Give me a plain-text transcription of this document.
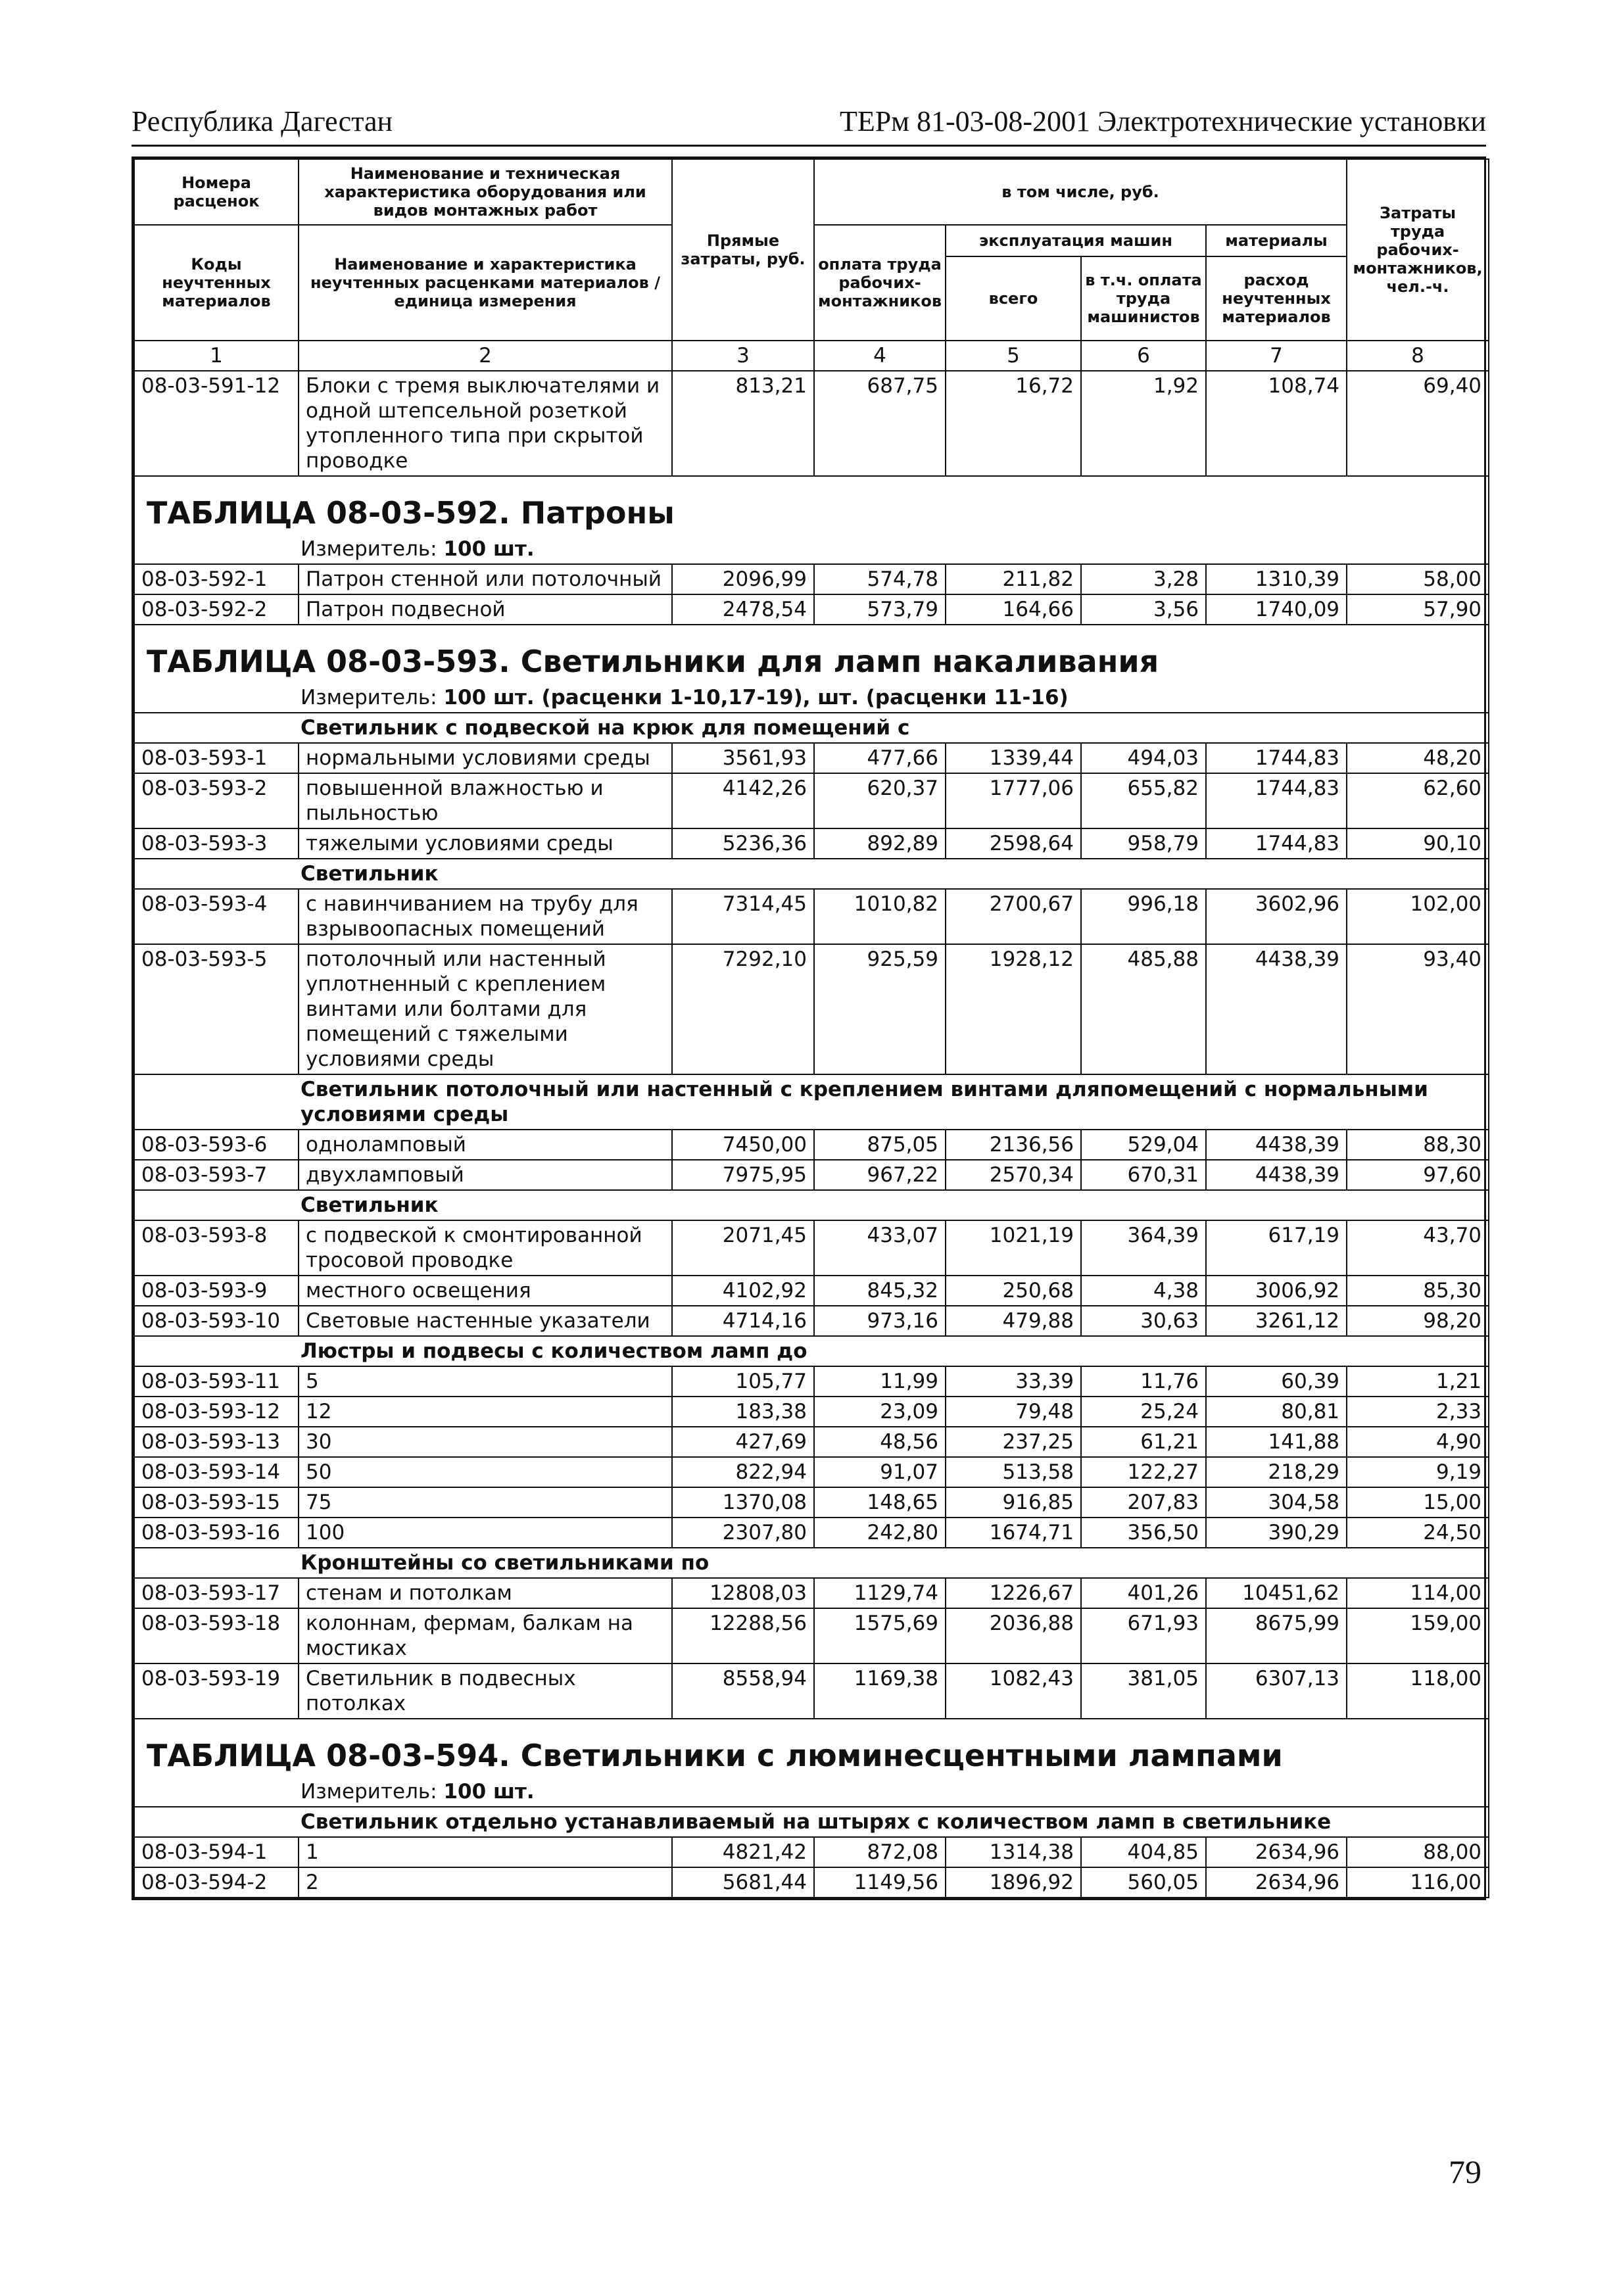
Республика Дагестан	ТЕРм 81-03-08-2001 Электротехнические установки
Номера расценок	Наименование и техническая характеристика оборудования или видов монтажных работ	Прямые затраты, руб.	в том числе, руб.				Затраты труда рабочих-монтажников, чел.-ч.
Коды неучтенных материалов	Наименование и характеристика неучтенных расценками материалов / единица измерения		оплата труда рабочих-монтажников	эксплуатация машин		материалы	
				всего	в т.ч. оплата труда машинистов	расход неучтенных материалов	
1	2	3	4	5	6	7	8
08-03-591-12	Блоки с тремя выключателями и одной штепсельной розеткой утопленного типа при скрытой проводке	813,21	687,75	16,72	1,92	108,74	69,40
ТАБЛИЦА 08-03-592. Патроны							
Измеритель: 100 шт.							
08-03-592-1	Патрон стенной или потолочный	2096,99	574,78	211,82	3,28	1310,39	58,00
08-03-592-2	Патрон подвесной	2478,54	573,79	164,66	3,56	1740,09	57,90
ТАБЛИЦА 08-03-593. Светильники для ламп накаливания							
Измеритель: 100 шт. (расценки 1-10,17-19), шт. (расценки 11-16)							
Светильник с подвеской на крюк для помещений с							
08-03-593-1	нормальными условиями среды	3561,93	477,66	1339,44	494,03	1744,83	48,20
08-03-593-2	повышенной влажностью и пыльностью	4142,26	620,37	1777,06	655,82	1744,83	62,60
08-03-593-3	тяжелыми условиями среды	5236,36	892,89	2598,64	958,79	1744,83	90,10
Светильник							
08-03-593-4	с навинчиванием на трубу для взрывоопасных помещений	7314,45	1010,82	2700,67	996,18	3602,96	102,00
08-03-593-5	потолочный или настенный уплотненный с креплением винтами или болтами для помещений с тяжелыми условиями среды	7292,10	925,59	1928,12	485,88	4438,39	93,40
Светильник потолочный или настенный с креплением винтами дляпомещений с нормальными условиями среды							
08-03-593-6	одноламповый	7450,00	875,05	2136,56	529,04	4438,39	88,30
08-03-593-7	двухламповый	7975,95	967,22	2570,34	670,31	4438,39	97,60
Светильник							
08-03-593-8	с подвеской к смонтированной тросовой проводке	2071,45	433,07	1021,19	364,39	617,19	43,70
08-03-593-9	местного освещения	4102,92	845,32	250,68	4,38	3006,92	85,30
08-03-593-10	Световые настенные указатели	4714,16	973,16	479,88	30,63	3261,12	98,20
Люстры и подвесы с количеством ламп до							
08-03-593-11	5	105,77	11,99	33,39	11,76	60,39	1,21
08-03-593-12	12	183,38	23,09	79,48	25,24	80,81	2,33
08-03-593-13	30	427,69	48,56	237,25	61,21	141,88	4,90
08-03-593-14	50	822,94	91,07	513,58	122,27	218,29	9,19
08-03-593-15	75	1370,08	148,65	916,85	207,83	304,58	15,00
08-03-593-16	100	2307,80	242,80	1674,71	356,50	390,29	24,50
Кронштейны со светильниками по							
08-03-593-17	стенам и потолкам	12808,03	1129,74	1226,67	401,26	10451,62	114,00
08-03-593-18	колоннам, фермам, балкам на мостиках	12288,56	1575,69	2036,88	671,93	8675,99	159,00
08-03-593-19	Светильник в подвесных потолках	8558,94	1169,38	1082,43	381,05	6307,13	118,00
ТАБЛИЦА 08-03-594. Светильники с люминесцентными лампами							
Измеритель: 100 шт.							
Светильник отдельно устанавливаемый на штырях с количеством ламп в светильнике							
08-03-594-1	1	4821,42	872,08	1314,38	404,85	2634,96	88,00
08-03-594-2	2	5681,44	1149,56	1896,92	560,05	2634,96	116,00
79
